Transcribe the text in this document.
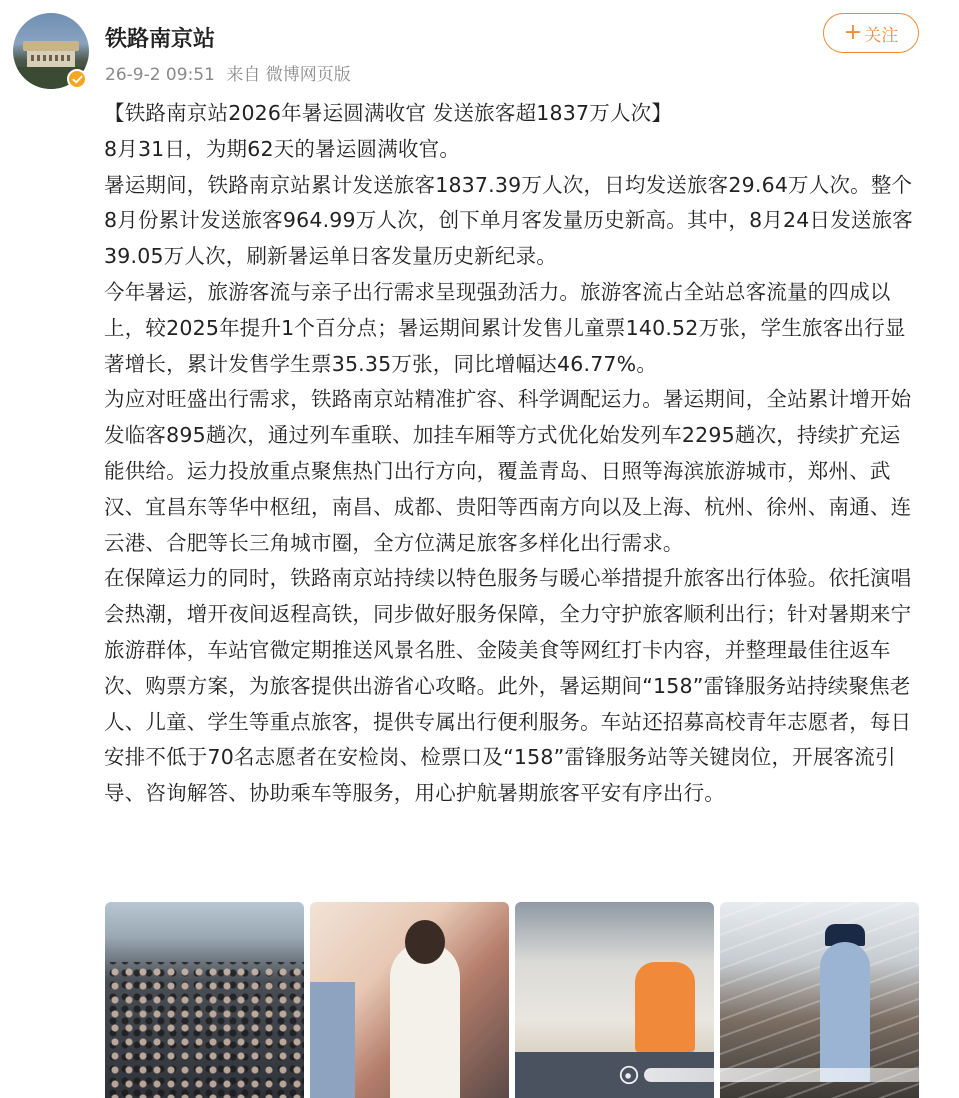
铁路南京站
26-9-2 09:51 来自 微博网页版
+ 关注

【铁路南京站2026年暑运圆满收官 发送旅客超1837万人次】

8月31日，为期62天的暑运圆满收官。

暑运期间，铁路南京站累计发送旅客1837.39万人次，日均发送旅客29.64万人次。整个8月份累计发送旅客964.99万人次，创下单月客发量历史新高。其中，8月24日发送旅客39.05万人次，刷新暑运单日客发量历史新纪录。

今年暑运，旅游客流与亲子出行需求呈现强劲活力。旅游客流占全站总客流量的四成以上，较2025年提升1个百分点；暑运期间累计发售儿童票140.52万张，学生旅客出行显著增长，累计发售学生票35.35万张，同比增幅达46.77%。

为应对旺盛出行需求，铁路南京站精准扩容、科学调配运力。暑运期间，全站累计增开始发临客895趟次，通过列车重联、加挂车厢等方式优化始发列车2295趟次，持续扩充运能供给。运力投放重点聚焦热门出行方向，覆盖青岛、日照等海滨旅游城市，郑州、武汉、宜昌东等华中枢纽，南昌、成都、贵阳等西南方向以及上海、杭州、徐州、南通、连云港、合肥等长三角城市圈，全方位满足旅客多样化出行需求。

在保障运力的同时，铁路南京站持续以特色服务与暖心举措提升旅客出行体验。依托演唱会热潮，增开夜间返程高铁，同步做好服务保障，全力守护旅客顺利出行；针对暑期来宁旅游群体，车站官微定期推送风景名胜、金陵美食等网红打卡内容，并整理最佳往返车次、购票方案，为旅客提供出游省心攻略。此外，暑运期间“158”雷锋服务站持续聚焦老人、儿童、学生等重点旅客，提供专属出行便利服务。车站还招募高校青年志愿者，每日安排不低于70名志愿者在安检岗、检票口及“158”雷锋服务站等关键岗位，开展客流引导、咨询解答、协助乘车等服务，用心护航暑期旅客平安有序出行。
